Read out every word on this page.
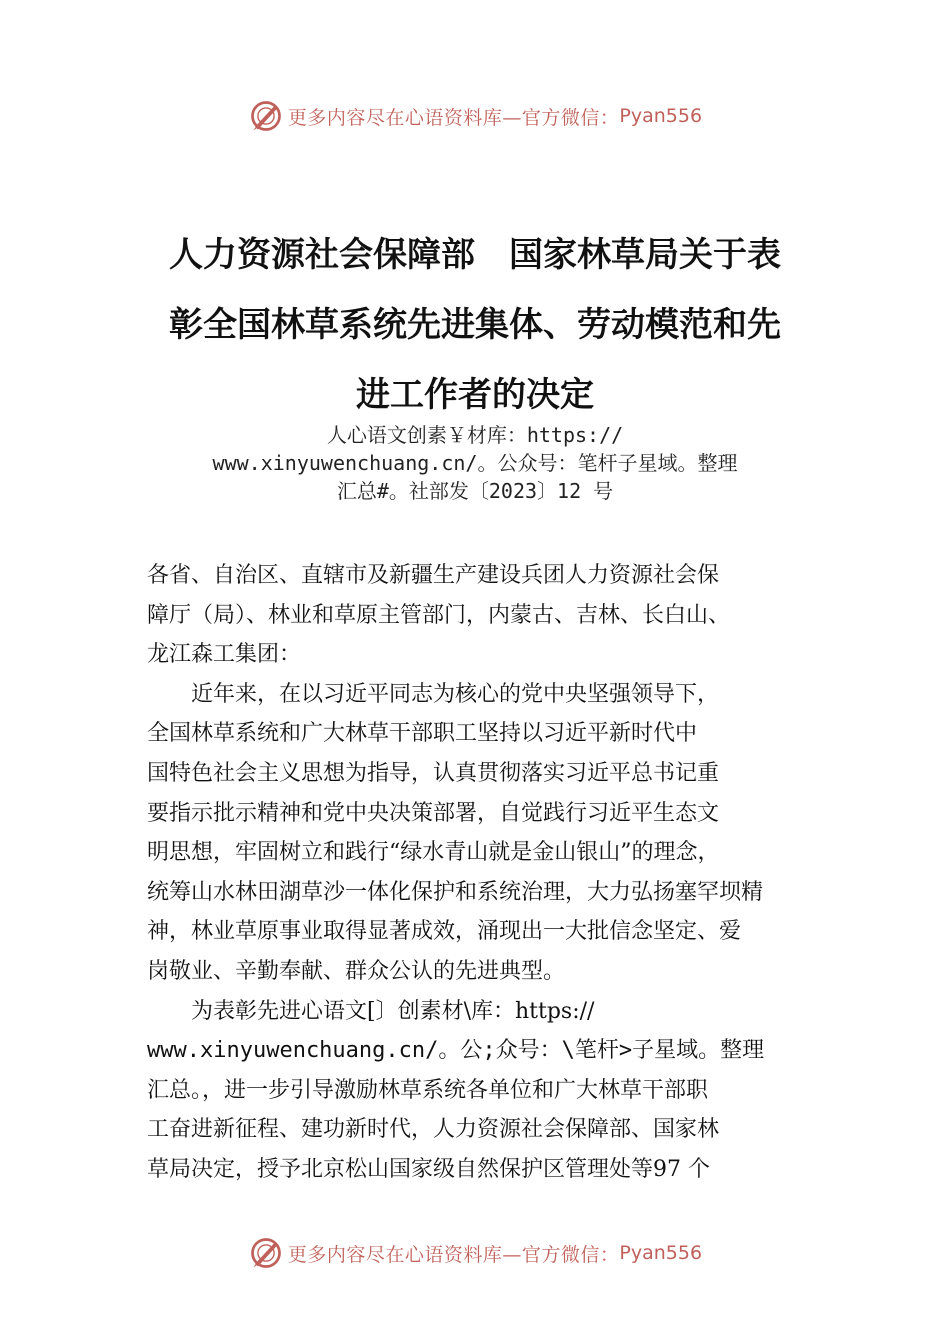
更多内容尽在心语资料库—官方微信： Pyan556
人力资源社会保障部　国家林草局关于表
彰全国林草系统先进集体、劳动模范和先
进工作者的决定
人心语文创素￥材库：https://
www.xinyuwenchuang.cn/。公众号：笔杆子星域。整理
汇总#。社部发〔2023〕12 号
各省、自治区、直辖市及新疆生产建设兵团人力资源社会保
障厅（局）、林业和草原主管部门，内蒙古、吉林、长白山、
龙江森工集团：
　　近年来，在以习近平同志为核心的党中央坚强领导下，
全国林草系统和广大林草干部职工坚持以习近平新时代中
国特色社会主义思想为指导，认真贯彻落实习近平总书记重
要指示批示精神和党中央决策部署，自觉践行习近平生态文
明思想，牢固树立和践行“绿水青山就是金山银山”的理念，
统筹山水林田湖草沙一体化保护和系统治理，大力弘扬塞罕坝精
神，林业草原事业取得显著成效，涌现出一大批信念坚定、爱
岗敬业、辛勤奉献、群众公认的先进典型。
　　为表彰先进心语文[〕创素材\库：https://
www.xinyuwenchuang.cn/。公;众号：\笔杆>子星域。整理
汇总。，进一步引导激励林草系统各单位和广大林草干部职
工奋进新征程、建功新时代，人力资源社会保障部、国家林
草局决定，授予北京松山国家级自然保护区管理处等97 个
更多内容尽在心语资料库—官方微信： Pyan556
